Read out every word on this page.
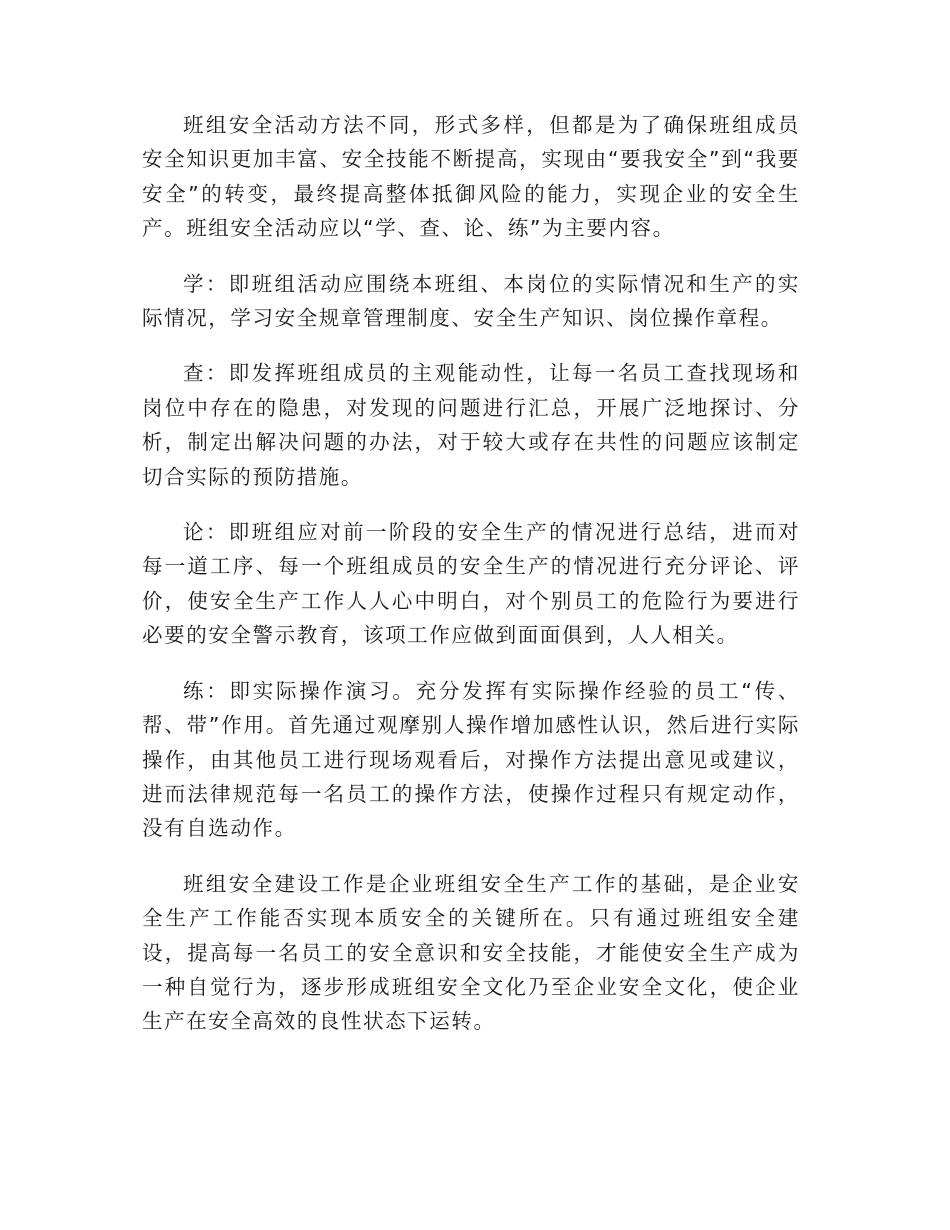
班组安全活动方法不同，形式多样，但都是为了确保班组成员安全知识更加丰富、安全技能不断提高，实现由“要我安全”到“我要安全”的转变，最终提高整体抵御风险的能力，实现企业的安全生产。班组安全活动应以“学、查、论、练”为主要内容。

学：即班组活动应围绕本班组、本岗位的实际情况和生产的实际情况，学习安全规章管理制度、安全生产知识、岗位操作章程。

查：即发挥班组成员的主观能动性，让每一名员工查找现场和岗位中存在的隐患，对发现的问题进行汇总，开展广泛地探讨、分析，制定出解决问题的办法，对于较大或存在共性的问题应该制定切合实际的预防措施。

论：即班组应对前一阶段的安全生产的情况进行总结，进而对每一道工序、每一个班组成员的安全生产的情况进行充分评论、评价，使安全生产工作人人心中明白，对个别员工的危险行为要进行必要的安全警示教育，该项工作应做到面面俱到，人人相关。

练：即实际操作演习。充分发挥有实际操作经验的员工“传、帮、带”作用。首先通过观摩别人操作增加感性认识，然后进行实际操作，由其他员工进行现场观看后，对操作方法提出意见或建议，进而法律规范每一名员工的操作方法，使操作过程只有规定动作，没有自选动作。

班组安全建设工作是企业班组安全生产工作的基础，是企业安全生产工作能否实现本质安全的关键所在。只有通过班组安全建设，提高每一名员工的安全意识和安全技能，才能使安全生产成为一种自觉行为，逐步形成班组安全文化乃至企业安全文化，使企业生产在安全高效的良性状态下运转。
